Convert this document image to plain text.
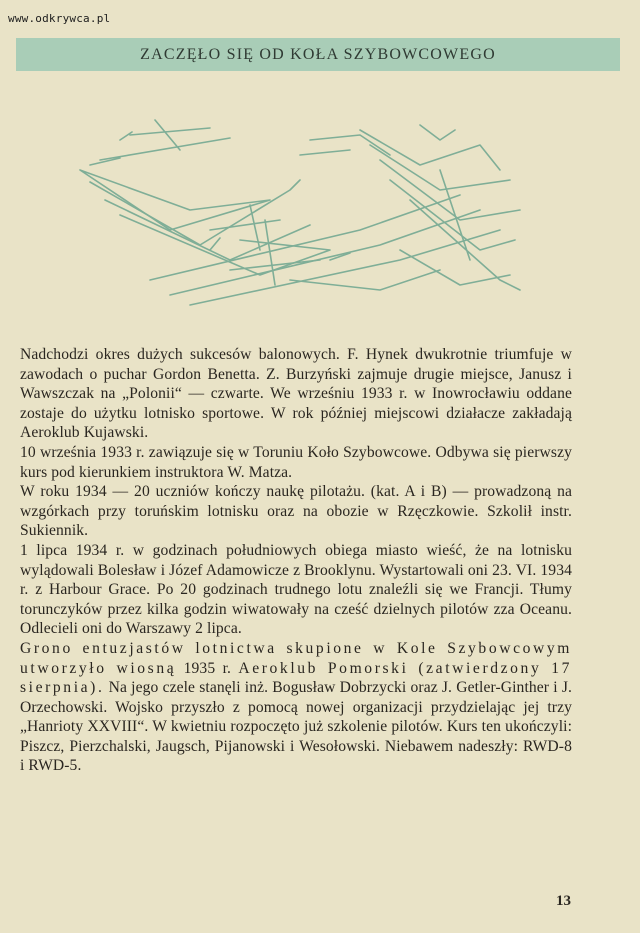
www.odkrywca.pl
ZACZĘŁO SIĘ OD KOŁA SZYBOWCOWEGO

Nadchodzi okres dużych sukcesów balonowych. F. Hynek dwukrotnie triumfuje w zawodach o puchar Gordon Benetta. Z. Burzyński zajmuje drugie miejsce, Janusz i Wawszczak na „Polonii“ — czwarte. We wrześniu 1933 r. w Inowrocławiu oddane zostaje do użytku lotnisko sportowe. W rok później miejscowi działacze zakładają Aeroklub Kujawski.

10 września 1933 r. zawiązuje się w Toruniu Koło Szybowcowe. Odbywa się pierwszy kurs pod kierunkiem instruktora W. Matza.

W roku 1934 — 20 uczniów kończy naukę pilotażu. (kat. A i B) — prowadzoną na wzgórkach przy toruńskim lotnisku oraz na obozie w Rzęczkowie. Szkolił instr. Sukiennik.

1 lipca 1934 r. w godzinach południowych obiega miasto wieść, że na lotnisku wylądowali Bolesław i Józef Adamowicze z Brooklynu. Wystartowali oni 23. VI. 1934 r. z Harbour Grace. Po 20 godzinach trudnego lotu znaleźli się we Francji. Tłumy torunczyków przez kilka godzin wiwatowały na cześć dzielnych pilotów zza Oceanu. Odlecieli oni do Warszawy 2 lipca.

Grono entuzjastów lotnictwa skupione w Kole Szybowcowym utworzyło wiosną 1935 r. Aeroklub Pomorski (zatwierdzony 17 sierpnia). Na jego czele stanęli inż. Bogusław Dobrzycki oraz J. Getler-Ginther i J. Orzechowski. Wojsko przyszło z pomocą nowej organizacji przydzielając jej trzy „Hanrioty XXVIII“. W kwietniu rozpoczęto już szkolenie pilotów. Kurs ten ukończyli: Piszcz, Pierzchalski, Jaugsch, Pijanowski i Wesołowski. Niebawem nadeszły: RWD-8 i RWD-5.

13
